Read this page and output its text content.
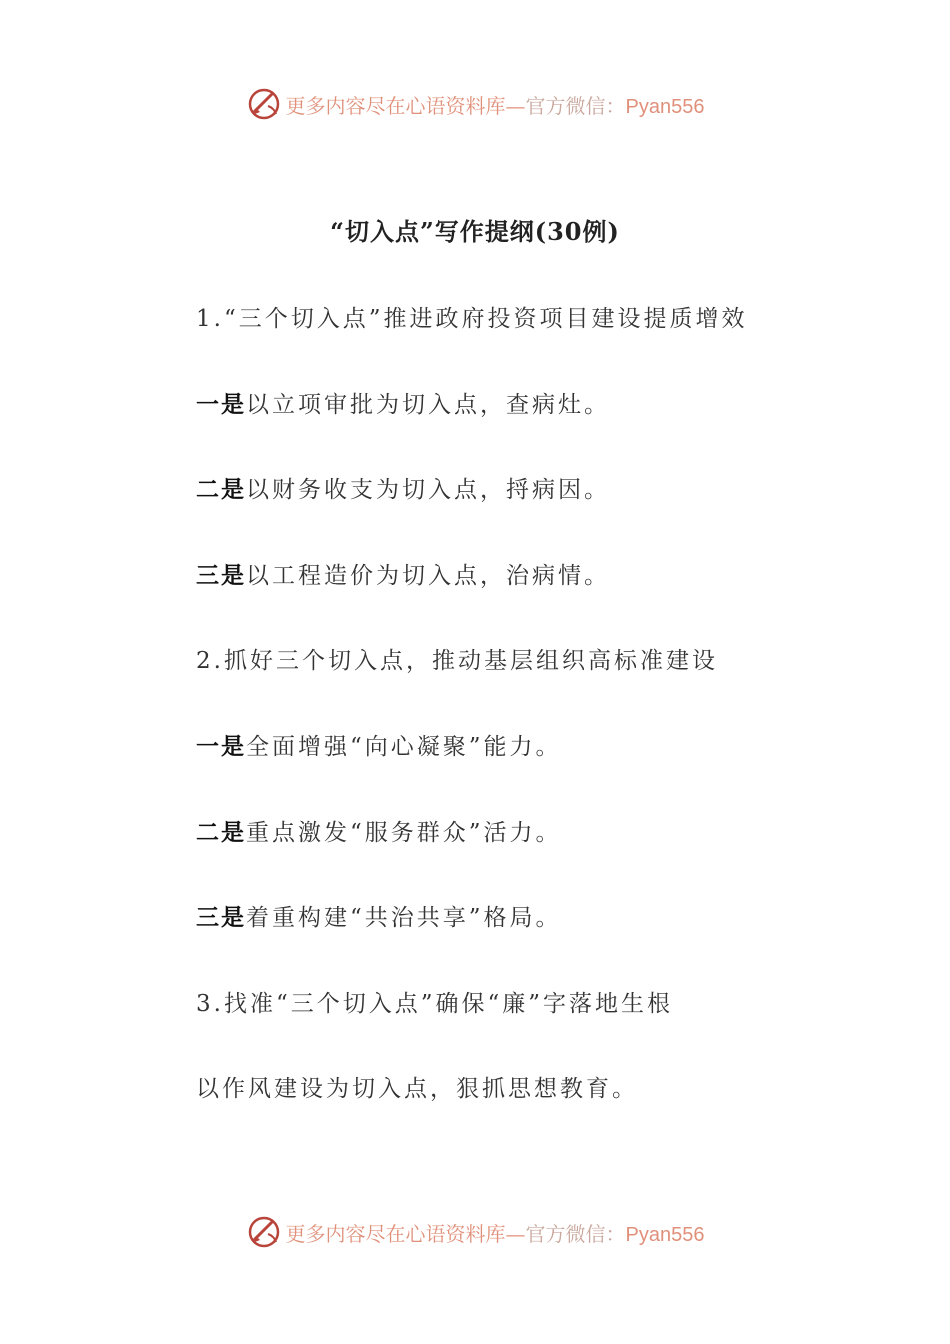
更多内容尽在心语资料库—官方微信：Pyan556
“切入点”写作提纲(30例)
1.“三个切入点”推进政府投资项目建设提质增效
一是以立项审批为切入点，查病灶。
二是以财务收支为切入点，捋病因。
三是以工程造价为切入点，治病情。
2.抓好三个切入点，推动基层组织高标准建设
一是全面增强“向心凝聚”能力。
二是重点激发“服务群众”活力。
三是着重构建“共治共享”格局。
3.找准“三个切入点”确保“廉”字落地生根
以作风建设为切入点，狠抓思想教育。
更多内容尽在心语资料库—官方微信：Pyan556
